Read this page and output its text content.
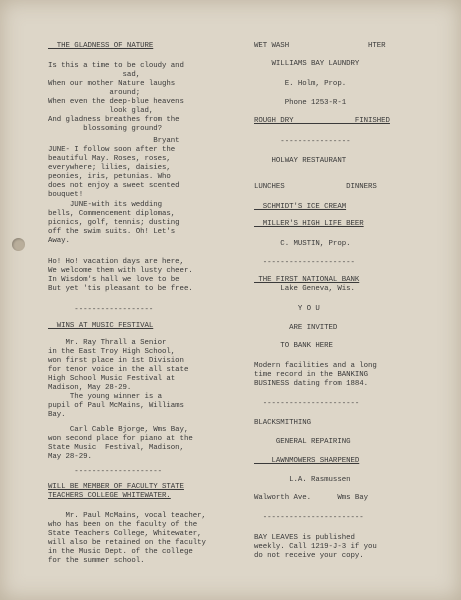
THE GLADNESS OF NATURE
Is this a time to be cloudy and
sad,
When our mother Nature laughs
around;
When even the deep-blue heavens
look glad,
And gladness breathes from the
blossoming ground?
Bryant
JUNE- I follow soon after the
beautiful May. Roses, roses,
everywhere; lilies, daisies,
peonies, iris, petunias. Who
does not enjoy a sweet scented
bouquet!
JUNE-with its wedding
bells, Commencement diplomas,
picnics, golf, tennis; dusting
off the swim suits. Oh! Let's
Away.
Ho! Ho! vacation days are here,
We welcome them with lusty cheer.
In Wisdom's hall we love to be
But yet 'tis pleasant to be free.
------------------
WINS AT MUSIC FESTIVAL
Mr. Ray Thrall a Senior
in the East Troy High School,
won first place in 1st Division
for tenor voice in the all state
High School Music Festival at
Madison, May 28-29.
The young winner is a
pupil of Paul McMains, Williams
Bay.
Carl Cable Bjorge, Wms Bay,
won second place for piano at the
State Music  Festival, Madison,
May 28-29.
--------------------
WILL BE MEMBER OF FACULTY STATE
TEACHERS COLLEGE WHITEWATER.
Mr. Paul McMains, vocal teacher,
who has been on the faculty of the
State Teachers College, Whitewater,
will also be retained on the faculty
in the Music Dept. of the college
for the summer school.
WET WASH                  HTER
WILLIAMS BAY LAUNDRY
E. Holm, Prop.
Phone 1253-R-1
ROUGH DRY              FINISHED
----------------
HOLWAY RESTAURANT
LUNCHES              DINNERS
SCHMIDT'S ICE CREAM
MILLER'S HIGH LIFE BEER
C. MUSTIN, Prop.
---------------------
THE FIRST NATIONAL BANK
Lake Geneva, Wis.
Y O U
ARE INVITED
TO BANK HERE
Modern facilities and a long
time record in the BANKING
BUSINESS dating from 1884.
----------------------
BLACKSMITHING
GENERAL REPAIRING
LAWNMOWERS SHARPENED
L.A. Rasmussen
Walworth Ave.      Wms Bay
-----------------------
BAY LEAVES is published
weekly. Call 1219-J-3 if you
do not receive your copy.
